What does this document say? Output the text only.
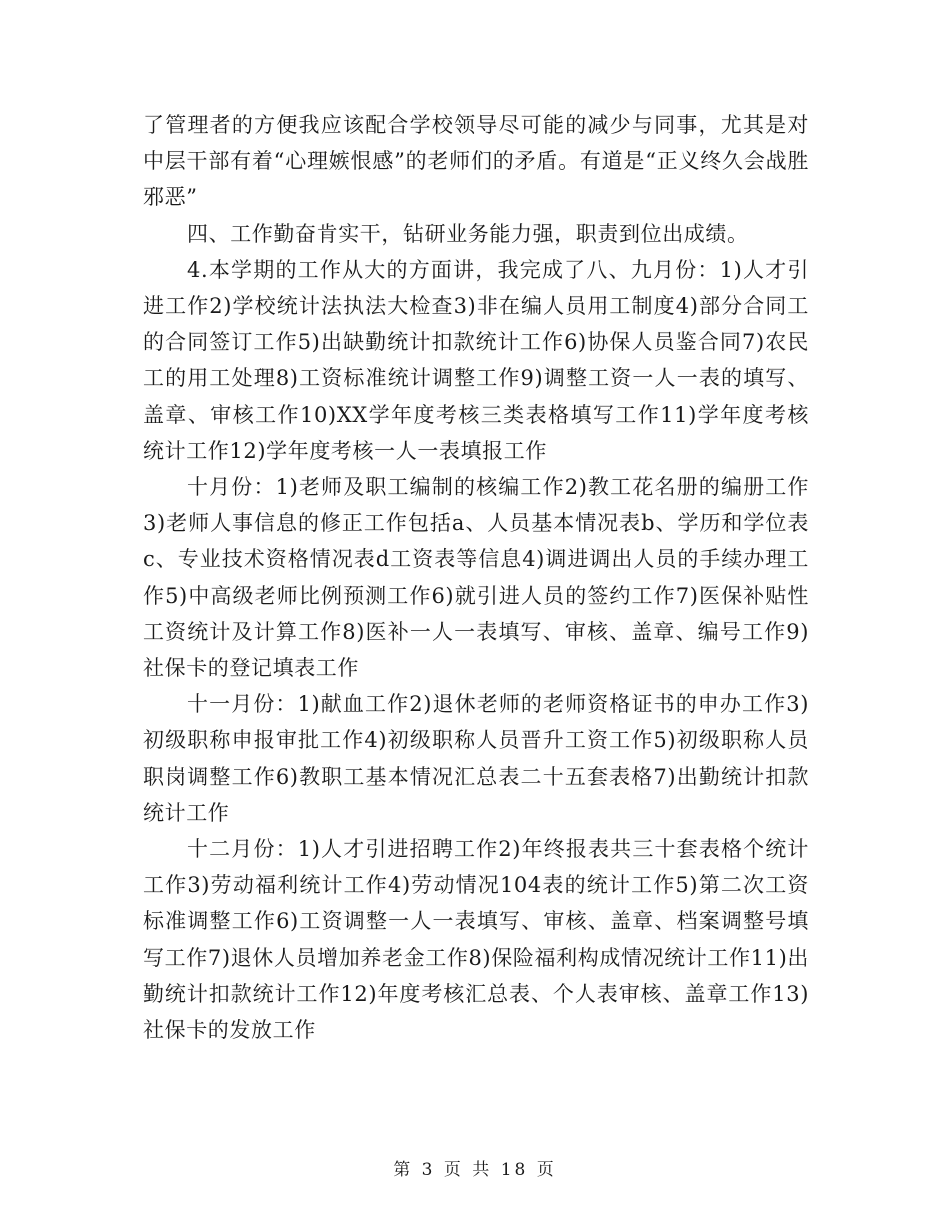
了管理者的方便我应该配合学校领导尽可能的减少与同事，尤其是对中层干部有着“心理嫉恨感”的老师们的矛盾。有道是“正义终久会战胜邪恶”

四、工作勤奋肯实干，钻研业务能力强，职责到位出成绩。

4.本学期的工作从大的方面讲，我完成了八、九月份：1)人才引进工作2)学校统计法执法大检查3)非在编人员用工制度4)部分合同工的合同签订工作5)出缺勤统计扣款统计工作6)协保人员鉴合同7)农民工的用工处理8)工资标准统计调整工作9)调整工资一人一表的填写、盖章、审核工作10)XX学年度考核三类表格填写工作11)学年度考核统计工作12)学年度考核一人一表填报工作

十月份：1)老师及职工编制的核编工作2)教工花名册的编册工作3)老师人事信息的修正工作包括a、人员基本情况表b、学历和学位表c、专业技术资格情况表d工资表等信息4)调进调出人员的手续办理工作5)中高级老师比例预测工作6)就引进人员的签约工作7)医保补贴性工资统计及计算工作8)医补一人一表填写、审核、盖章、编号工作9)社保卡的登记填表工作

十一月份：1)献血工作2)退休老师的老师资格证书的申办工作3)初级职称申报审批工作4)初级职称人员晋升工资工作5)初级职称人员职岗调整工作6)教职工基本情况汇总表二十五套表格7)出勤统计扣款统计工作

十二月份：1)人才引进招聘工作2)年终报表共三十套表格个统计工作3)劳动福利统计工作4)劳动情况104表的统计工作5)第二次工资标准调整工作6)工资调整一人一表填写、审核、盖章、档案调整号填写工作7)退休人员增加养老金工作8)保险福利构成情况统计工作11)出勤统计扣款统计工作12)年度考核汇总表、个人表审核、盖章工作13)社保卡的发放工作

第 3 页 共 18 页
